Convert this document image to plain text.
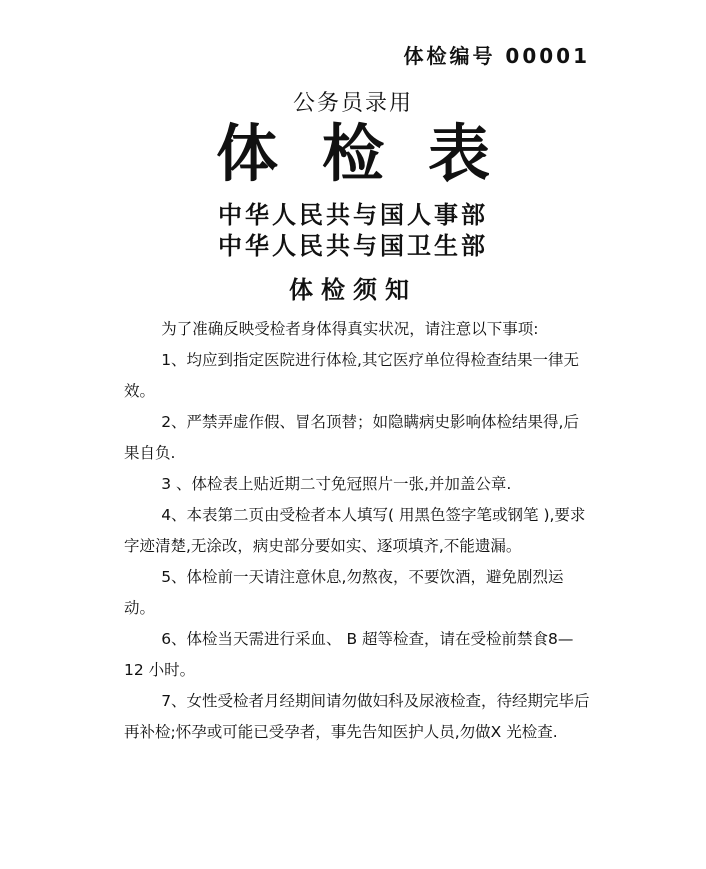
体检编号 00001
公务员录用
体检表
中华人民共与国人事部
中华人民共与国卫生部
体检须知

为了准确反映受检者身体得真实状况，请注意以下事项:

1、均应到指定医院进行体检,其它医疗单位得检查结果一律无效。

2、严禁弄虚作假、冒名顶替；如隐瞒病史影响体检结果得,后果自负.

3 、体检表上贴近期二寸免冠照片一张,并加盖公章.

4、本表第二页由受检者本人填写( 用黑色签字笔或钢笔 ),要求字迹清楚,无涂改，病史部分要如实、逐项填齐,不能遗漏。

5、体检前一天请注意休息,勿熬夜，不要饮酒，避免剧烈运动。

6、体检当天需进行采血、 B 超等检查，请在受检前禁食8—12 小时。

7、女性受检者月经期间请勿做妇科及尿液检查，待经期完毕后再补检;怀孕或可能已受孕者，事先告知医护人员,勿做X 光检查.
